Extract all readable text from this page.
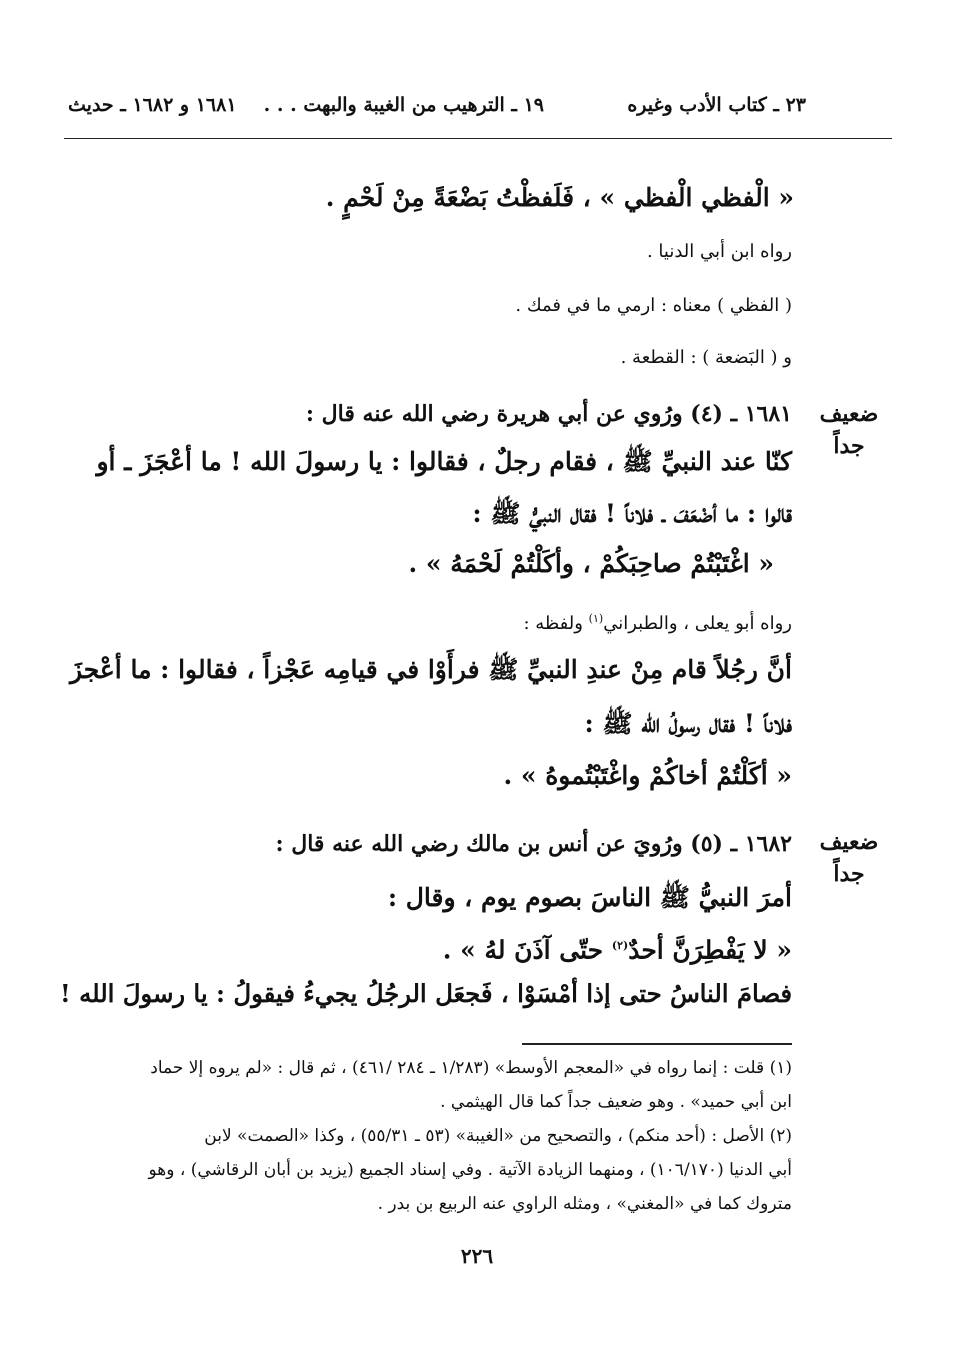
٢٣ ـ كتاب الأدب وغيره
١٩ ـ الترهيب من الغيبة والبهت . . .
١٦٨١ و ١٦٨٢ ـ حديث
« الْفظي الْفظي » ، فَلَفظْتُ بَضْعَةً مِنْ لَحْمٍ .
رواه ابن أبي الدنيا .
( الفظي ) معناه : ارمي ما في فمك .
و ( البَضعة ) : القطعة .
ضعيف
جداً
١٦٨١ ـ (٤) ورُوي عن أبي هريرة رضي الله عنه قال :
كنّا عند النبيِّ ﷺ ، فقام رجلٌ ، فقالوا : يا رسولَ الله ! ما أعْجَزَ ـ أو
قالوا : ما أضْعَفَ ـ فلاناً ! فقال النبيُّ ﷺ :
« اغْتَبْتُمْ صاحِبَكُمْ ، وأكَلْتُمْ لَحْمَهُ » .
رواه أبو يعلى ، والطبراني$^{(١)}$ ولفظه :
أنَّ رجُلاً قام مِنْ عندِ النبيِّ ﷺ فرأَوْا في قيامِه عَجْزاً ، فقالوا : ما أعْجزَ
فلاناً ! فقال رسولُ الله ﷺ :
« أكَلْتُمْ أخاكُمْ واغْتَبْتُموهُ » .
ضعيف
جداً
١٦٨٢ ـ (٥) ورُويَ عن أنس بن مالك رضي الله عنه قال :
أمرَ النبيُّ ﷺ الناسَ بصوم يوم ، وقال :
« لا يَفْطِرَنَّ أحدٌ$^{(٢)}$ حتّى آذَنَ لهُ » .
فصامَ الناسُ حتى إذا أمْسَوْا ، فَجعَل الرجُلُ يجيءُ فيقولُ : يا رسولَ الله !
(١) قلت : إنما رواه في «المعجم الأوسط» (١/٢٨٣ ـ ٢٨٤ /٤٦١) ، ثم قال : «لم يروه إلا حماد
ابن أبي حميد» . وهو ضعيف جداً كما قال الهيثمي .
(٢) الأصل : (أحد منكم) ، والتصحيح من «الغيبة» (٥٣ ـ ٥٥/٣١) ، وكذا «الصمت» لابن
أبي الدنيا (١٠٦/١٧٠) ، ومنهما الزيادة الآتية . وفي إسناد الجميع (يزيد بن أبان الرقاشي) ، وهو
متروك كما في «المغني» ، ومثله الراوي عنه الربيع بن بدر .
٢٢٦
